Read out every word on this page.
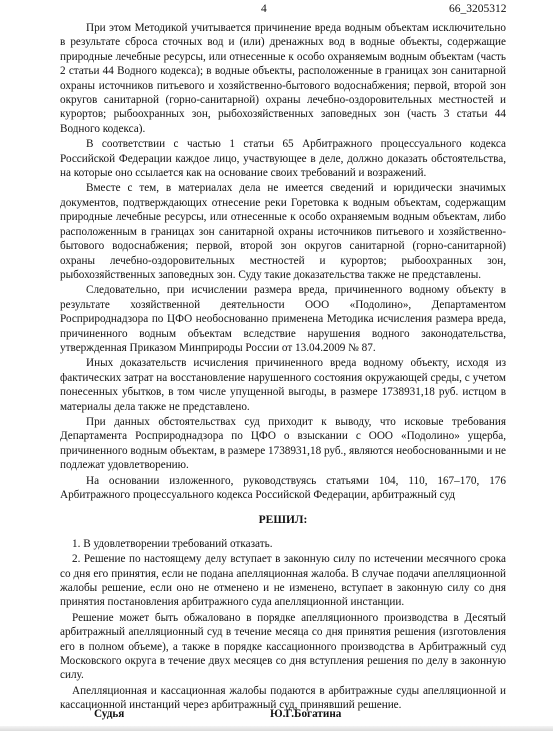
4	66_3205312

При этом Методикой учитывается причинение вреда водным объектам исключительно в результате сброса сточных вод и (или) дренажных вод в водные объекты, содержащие природные лечебные ресурсы, или отнесенные к особо охраняемым водным объектам (часть 2 статьи 44 Водного кодекса); в водные объекты, расположенные в границах зон санитарной охраны источников питьевого и хозяйственно-бытового водоснабжения; первой, второй зон округов санитарной (горно-санитарной) охраны лечебно-оздоровительных местностей и курортов; рыбоохранных зон, рыбохозяйственных заповедных зон (часть 3 статьи 44 Водного кодекса).

В соответствии с частью 1 статьи 65 Арбитражного процессуального кодекса Российской Федерации каждое лицо, участвующее в деле, должно доказать обстоятельства, на которые оно ссылается как на основание своих требований и возражений.

Вместе с тем, в материалах дела не имеется сведений и юридически значимых документов, подтверждающих отнесение реки Горетовка к водным объектам, содержащим природные лечебные ресурсы, или отнесенные к особо охраняемым водным объектам, либо расположенным в границах зон санитарной охраны источников питьевого и хозяйственно-бытового водоснабжения; первой, второй зон округов санитарной (горно-санитарной) охраны лечебно-оздоровительных местностей и курортов; рыбоохранных зон, рыбохозяйственных заповедных зон. Суду такие доказательства также не представлены.

Следовательно, при исчислении размера вреда, причиненного водному объекту в результате хозяйственной деятельности ООО «Подолино», Департаментом Росприроднадзора по ЦФО необоснованно применена Методика исчисления размера вреда, причиненного водным объектам вследствие нарушения водного законодательства, утвержденная Приказом Минприроды России от 13.04.2009 № 87.

Иных доказательств исчисления причиненного вреда водному объекту, исходя из фактических затрат на восстановление нарушенного состояния окружающей среды, с учетом понесенных убытков, в том числе упущенной выгоды, в размере 1738931,18 руб. истцом в материалы дела также не представлено.

При данных обстоятельствах суд приходит к выводу, что исковые требования Департамента Росприроднадзора по ЦФО о взыскании с ООО «Подолино» ущерба, причиненного водным объектам, в размере 1738931,18 руб., являются необоснованными и не подлежат удовлетворению.

На основании изложенного, руководствуясь статьями 104, 110, 167–170, 176 Арбитражного процессуального кодекса Российской Федерации, арбитражный суд

РЕШИЛ:

1. В удовлетворении требований отказать.

2. Решение по настоящему делу вступает в законную силу по истечении месячного срока со дня его принятия, если не подана апелляционная жалоба. В случае подачи апелляционной жалобы решение, если оно не отменено и не изменено, вступает в законную силу со дня принятия постановления арбитражного суда апелляционной инстанции.

Решение может быть обжаловано в порядке апелляционного производства в Десятый арбитражный апелляционный суд в течение месяца со дня принятия решения (изготовления его в полном объеме), а также в порядке кассационного производства в Арбитражный суд Московского округа в течение двух месяцев со дня вступления решения по делу в законную силу.

Апелляционная и кассационная жалобы подаются в арбитражные суды апелляционной и кассационной инстанций через арбитражный суд, принявший решение.

Судья	Ю.Г.Богатина
